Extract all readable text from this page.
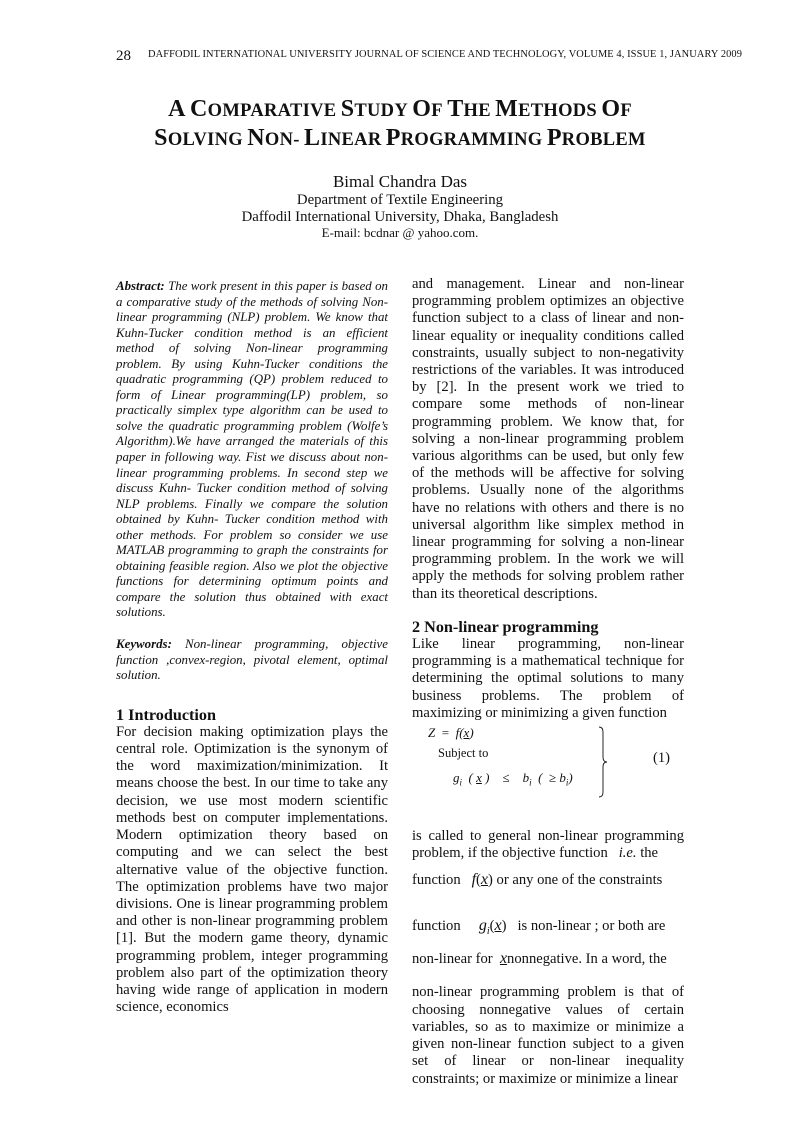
28 DAFFODIL INTERNATIONAL UNIVERSITY JOURNAL OF SCIENCE AND TECHNOLOGY, VOLUME 4, ISSUE 1, JANUARY 2009
A COMPARATIVE STUDY OF THE METHODS OF
SOLVING NON- LINEAR PROGRAMMING PROBLEM
Bimal Chandra Das
Department of Textile Engineering
Daffodil International University, Dhaka, Bangladesh
E-mail: bcdnar @ yahoo.com.

Abstract: The work present in this paper is based on a comparative study of the methods of solving Non-linear programming (NLP) problem. We know that Kuhn-Tucker condition method is an efficient method of solving Non-linear programming problem. By using Kuhn-Tucker conditions the quadratic programming (QP) problem reduced to form of Linear programming(LP) problem, so practically simplex type algorithm can be used to solve the quadratic programming problem (Wolfe’s Algorithm).We have arranged the materials of this paper in following way. Fist we discuss about non-linear programming problems. In second step we discuss Kuhn- Tucker condition method of solving NLP problems. Finally we compare the solution obtained by Kuhn- Tucker condition method with other methods. For problem so consider we use MATLAB programming to graph the constraints for obtaining feasible region. Also we plot the objective functions for determining optimum points and compare the solution thus obtained with exact solutions.

Keywords: Non-linear programming, objective function ,convex-region, pivotal element, optimal solution.

1 Introduction

For decision making optimization plays the central role. Optimization is the synonym of the word maximization/minimization. It means choose the best. In our time to take any decision, we use most modern scientific methods best on computer implementations. Modern optimization theory based on computing and we can select the best alternative value of the objective function. The optimization problems have two major divisions. One is linear programming problem and other is non-linear programming problem [1]. But the modern game theory, dynamic programming problem, integer programming problem also part of the optimization theory having wide range of application in modern science, economics

and management. Linear and non-linear programming problem optimizes an objective function subject to a class of linear and non-linear equality or inequality conditions called constraints, usually subject to non-negativity restrictions of the variables. It was introduced by [2]. In the present work we tried to compare some methods of non-linear programming problem. We know that, for solving a non-linear programming problem various algorithms can be used, but only few of the methods will be affective for solving problems. Usually none of the algorithms have no relations with others and there is no universal algorithm like simplex method in linear programming for solving a non-linear programming problem. In the work we will apply the methods for solving problem rather than its theoretical descriptions.

2 Non-linear programming

Like linear programming, non-linear programming is a mathematical technique for determining the optimal solutions to many business problems. The problem of maximizing or minimizing a given function

Z = f(x)
Subject to
$g_i$ ( x ) ≤ $b_i$ ( ≥ $b_i$)
(1)

is called to general non-linear programming problem, if the objective function i.e. the

function f(x) or any one of the constraints

function $g_i(x)$   is non-linear ; or both are

non-linear for xnonnegative. In a word, the

non-linear programming problem is that of choosing nonnegative values of certain variables, so as to maximize or minimize a given non-linear function subject to a given set of linear or non-linear inequality constraints; or maximize or minimize a linear
